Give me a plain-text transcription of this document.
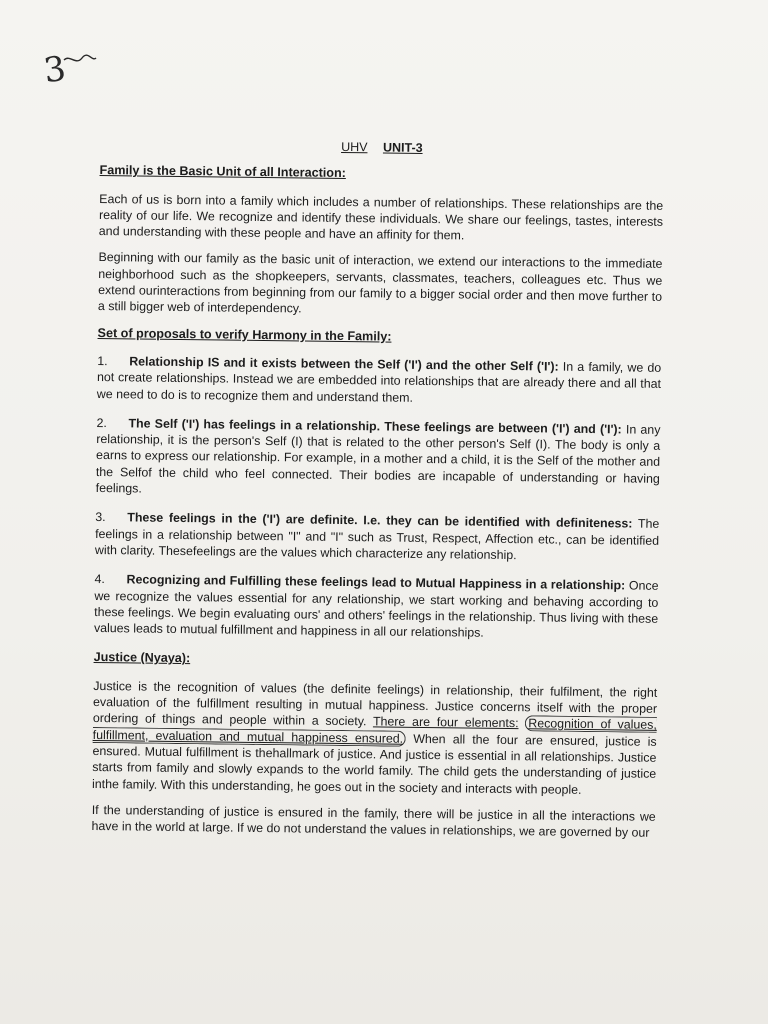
3
UHV UNIT-3
Family is the Basic Unit of all Interaction:

Each of us is born into a family which includes a number of relationships. These relationships are the reality of our life. We recognize and identify these individuals. We share our feelings, tastes, interests and understanding with these people and have an affinity for them.

Beginning with our family as the basic unit of interaction, we extend our interactions to the immediate neighborhood such as the shopkeepers, servants, classmates, teachers, colleagues etc. Thus we extend ourinteractions from beginning from our family to a bigger social order and then move further to a still bigger web of interdependency.

Set of proposals to verify Harmony in the Family:
1. Relationship IS and it exists between the Self ('I') and the other Self ('I'): In a family, we do not create relationships. Instead we are embedded into relationships that are already there and all that we need to do is to recognize them and understand them.
2. The Self ('I') has feelings in a relationship. These feelings are between ('I') and ('I'): In any relationship, it is the person's Self (I) that is related to the other person's Self (I). The body is only a earns to express our relationship. For example, in a mother and a child, it is the Self of the mother and the Selfof the child who feel connected. Their bodies are incapable of understanding or having feelings.
3. These feelings in the ('I') are definite. I.e. they can be identified with definiteness: The feelings in a relationship between "I" and "I" such as Trust, Respect, Affection etc., can be identified with clarity. Thesefeelings are the values which characterize any relationship.
4. Recognizing and Fulfilling these feelings lead to Mutual Happiness in a relationship: Once we recognize the values essential for any relationship, we start working and behaving according to these feelings. We begin evaluating ours' and others' feelings in the relationship. Thus living with these values leads to mutual fulfillment and happiness in all our relationships.
Justice (Nyaya):

Justice is the recognition of values (the definite feelings) in relationship, their fulfilment, the right evaluation of the fulfillment resulting in mutual happiness. Justice concerns itself with the proper ordering of things and people within a society. There are four elements: Recognition of values, fulfillment, evaluation and mutual happiness ensured. When all the four are ensured, justice is ensured. Mutual fulfillment is thehallmark of justice. And justice is essential in all relationships. Justice starts from family and slowly expands to the world family. The child gets the understanding of justice inthe family. With this understanding, he goes out in the society and interacts with people.

If the understanding of justice is ensured in the family, there will be justice in all the interactions we have in the world at large. If we do not understand the values in relationships, we are governed by our
